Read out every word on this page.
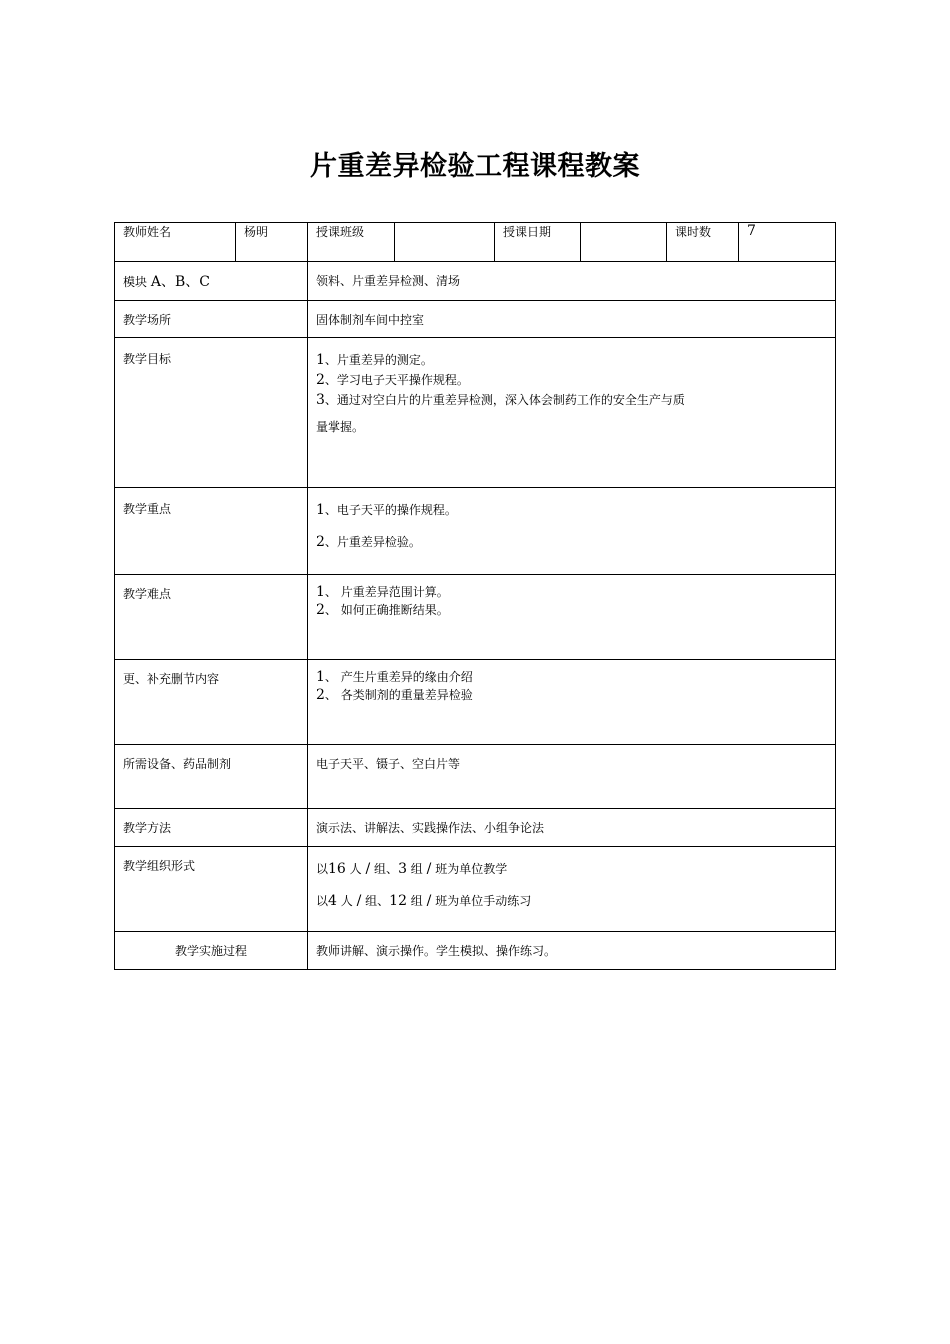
片重差异检验工程课程教案
教师姓名	杨明	授课班级		授课日期		课时数	7
模块 A、B、C		领料、片重差异检测、清场					
教学场所		固体制剂车间中控室					
教学目标		1、片重差异的测定。
2、学习电子天平操作规程。
3、通过对空白片的片重差异检测，深入体会制药工作的安全生产与质
量掌握。					

教学重点		1、电子天平的操作规程。
2、片重差异检验。					

教学难点		1、 片重差异范围计算。
2、 如何正确推断结果。					

更、补充删节内容		1、 产生片重差异的缘由介绍
2、 各类制剂的重量差异检验					

所需设备、药品制剂		电子天平、镊子、空白片等					
教学方法		演示法、讲解法、实践操作法、小组争论法					
教学组织形式		以16 人 / 组、3 组 / 班为单位教学
以4 人 / 组、12 组 / 班为单位手动练习					

教学实施过程		教师讲解、演示操作。学生模拟、操作练习。					
